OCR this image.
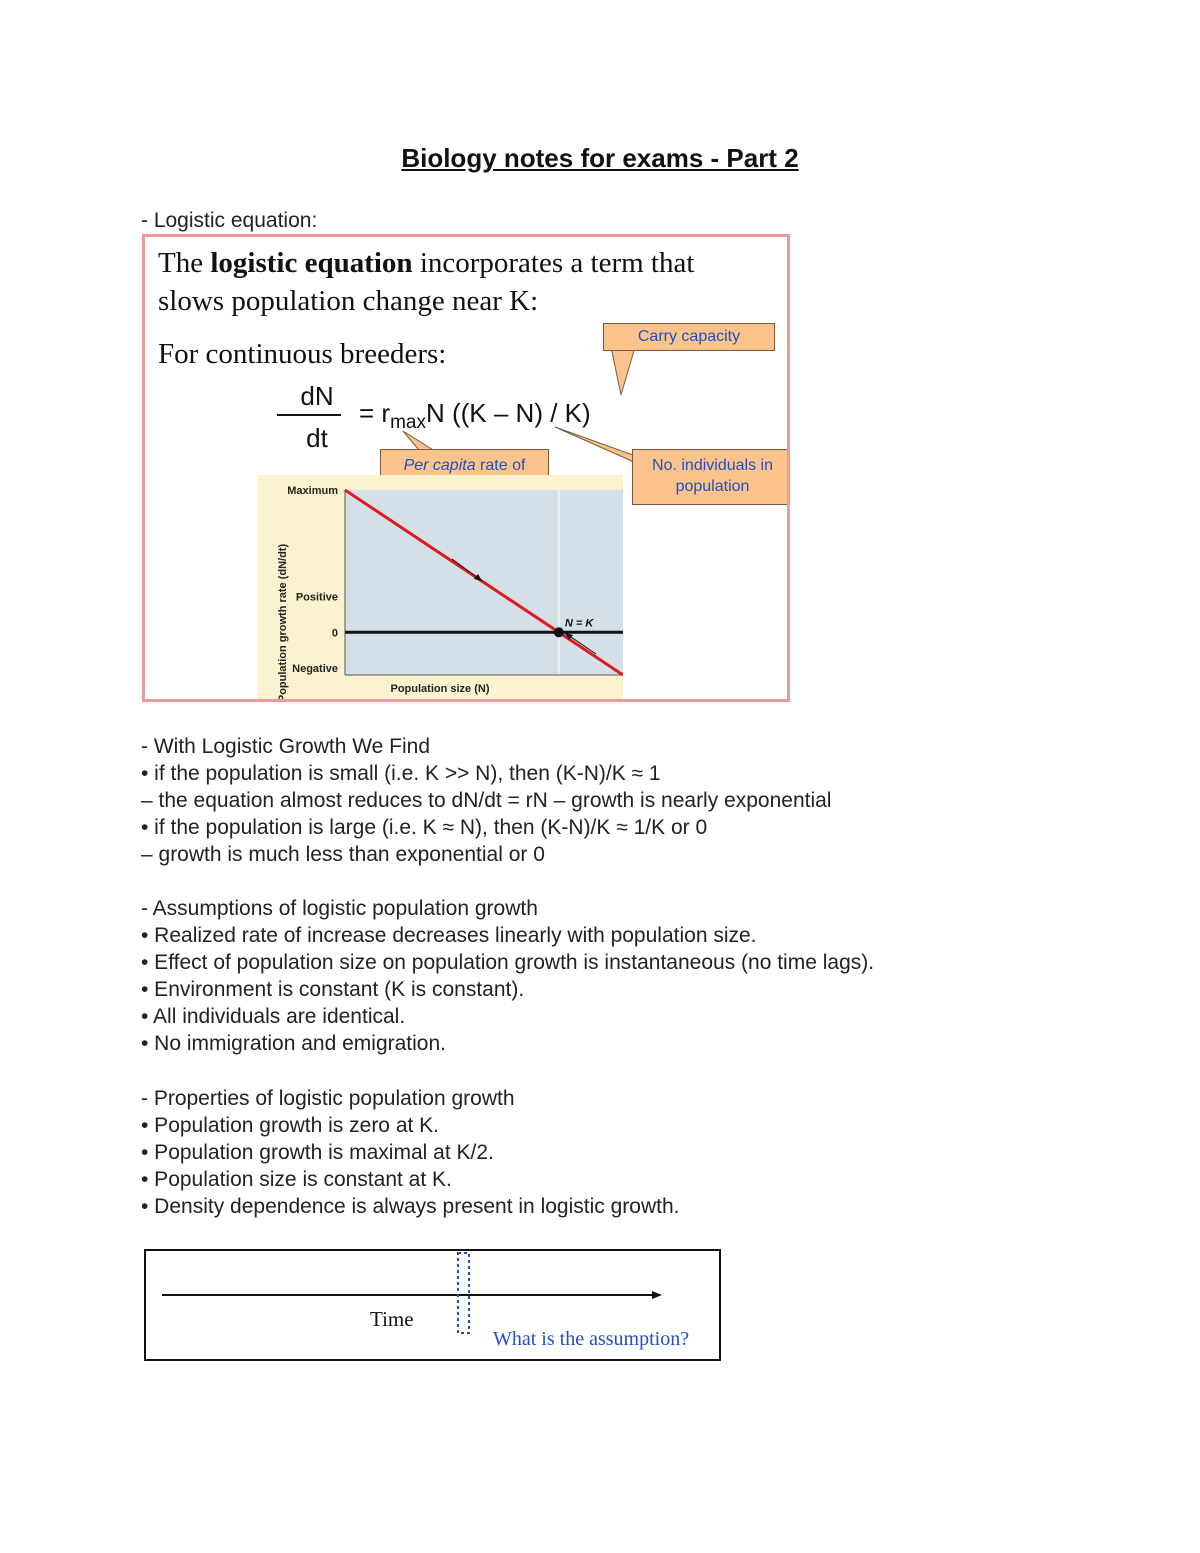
Biology notes for exams - Part 2
- Logistic equation:
The logistic equation incorporates a term that
slows population change near K:
For continuous breeders:
dN
dt
= $r_{max}N$ ((K – N) / K)
Carry capacity
Per capita rate of	No. individuals in
population
Population growth rate (dN/dt)	Population size (N)
Maximum
Positive
0
Negative
N = K
- With Logistic Growth We Find
• if the population is small (i.e. K >> N), then (K-N)/K ≈ 1
– the equation almost reduces to dN/dt = rN – growth is nearly exponential
• if the population is large (i.e. K ≈ N), then (K-N)/K ≈ 1/K or 0
– growth is much less than exponential or 0
- Assumptions of logistic population growth
• Realized rate of increase decreases linearly with population size.
• Effect of population size on population growth is instantaneous (no time lags).
• Environment is constant (K is constant).
• All individuals are identical.
• No immigration and emigration.
- Properties of logistic population growth
• Population growth is zero at K.
• Population growth is maximal at K/2.
• Population size is constant at K.
• Density dependence is always present in logistic growth.
Time
What is the assumption?
